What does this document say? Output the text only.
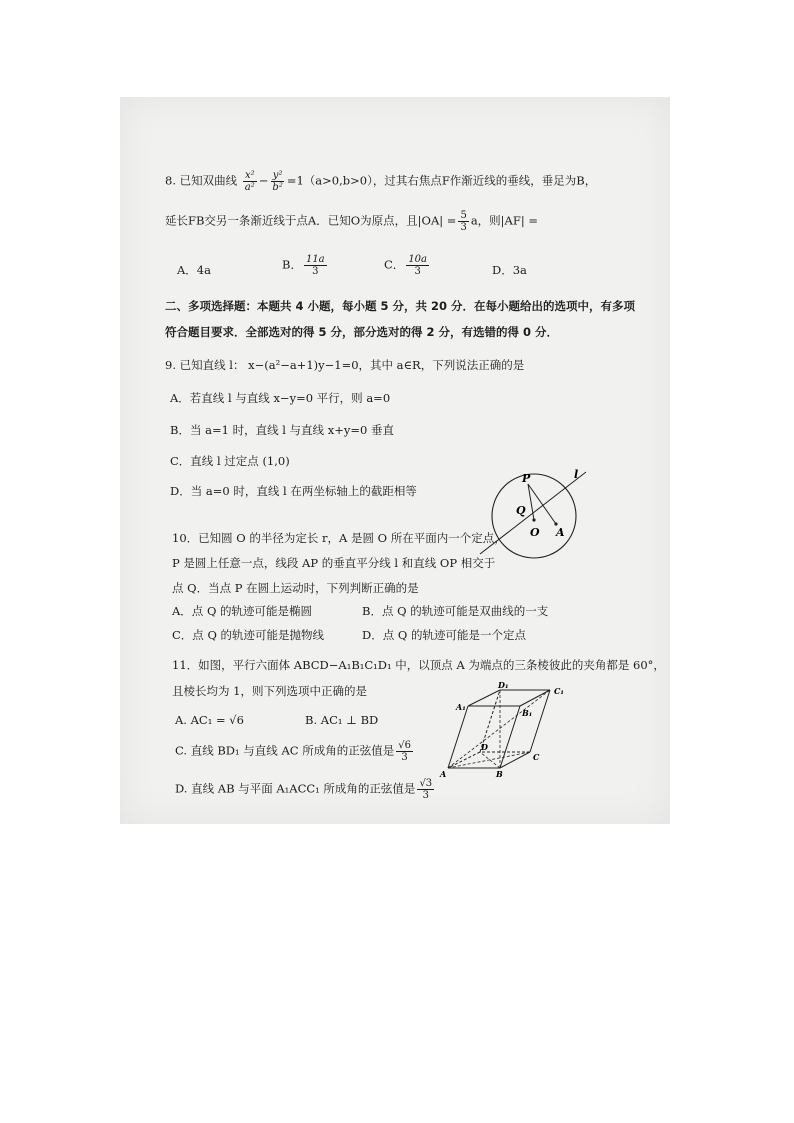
8. 已知双曲线 $\frac{\text{x²}}{\text{a²}} - \frac{\text{y²}}{\text{b²}} =1(a>0,b>0)$，过其右焦点F作渐近线的垂线，垂足为B，
延长FB交另一条渐近线于点A．已知O为原点，且$|OA| = \frac{5}{3}$ a，则|AF| =
A．4a	B． $\frac{11a}{3}$	C． $\frac{10a}{3}$	D．3a
二、多项选择题：本题共 4 小题，每小题 5 分，共 20 分．在每小题给出的选项中，有多项
符合题目要求．全部选对的得 5 分，部分选对的得 2 分，有选错的得 0 分．
9. 已知直线 l： x−(a²−a+1)y−1=0，其中 a∈R，下列说法正确的是
A．若直线 l 与直线 x−y=0 平行，则 a=0
B．当 a=1 时，直线 l 与直线 x+y=0 垂直
C．直线 l 过定点 (1,0)
D．当 a=0 时，直线 l 在两坐标轴上的截距相等
P
Q
O A
l
10．已知圆 O 的半径为定长 r，A 是圆 O 所在平面内一个定点，
P 是圆上任意一点，线段 AP 的垂直平分线 l 和直线 OP 相交于
点 Q．当点 P 在圆上运动时，下列判断正确的是
A．点 Q 的轨迹可能是椭圆	B．点 Q 的轨迹可能是双曲线的一支
C．点 Q 的轨迹可能是抛物线	D．点 Q 的轨迹可能是一个定点
11．如图，平行六面体 ABCD−A₁B₁C₁D₁ 中，以顶点 A 为端点的三条棱彼此的夹角都是 60°，
且棱长均为 1，则下列选项中正确的是
A. AC₁ = √6	B. AC₁ ⊥ BD
C. 直线 BD₁ 与直线 AC 所成角的正弦值是 $\frac{√6}{3}$
D. 直线 AB 与平面 A₁ACC₁ 所成角的正弦值是 $\frac{√3}{3}$
A	B
C
D
A₁
B₁
C₁
D₁
